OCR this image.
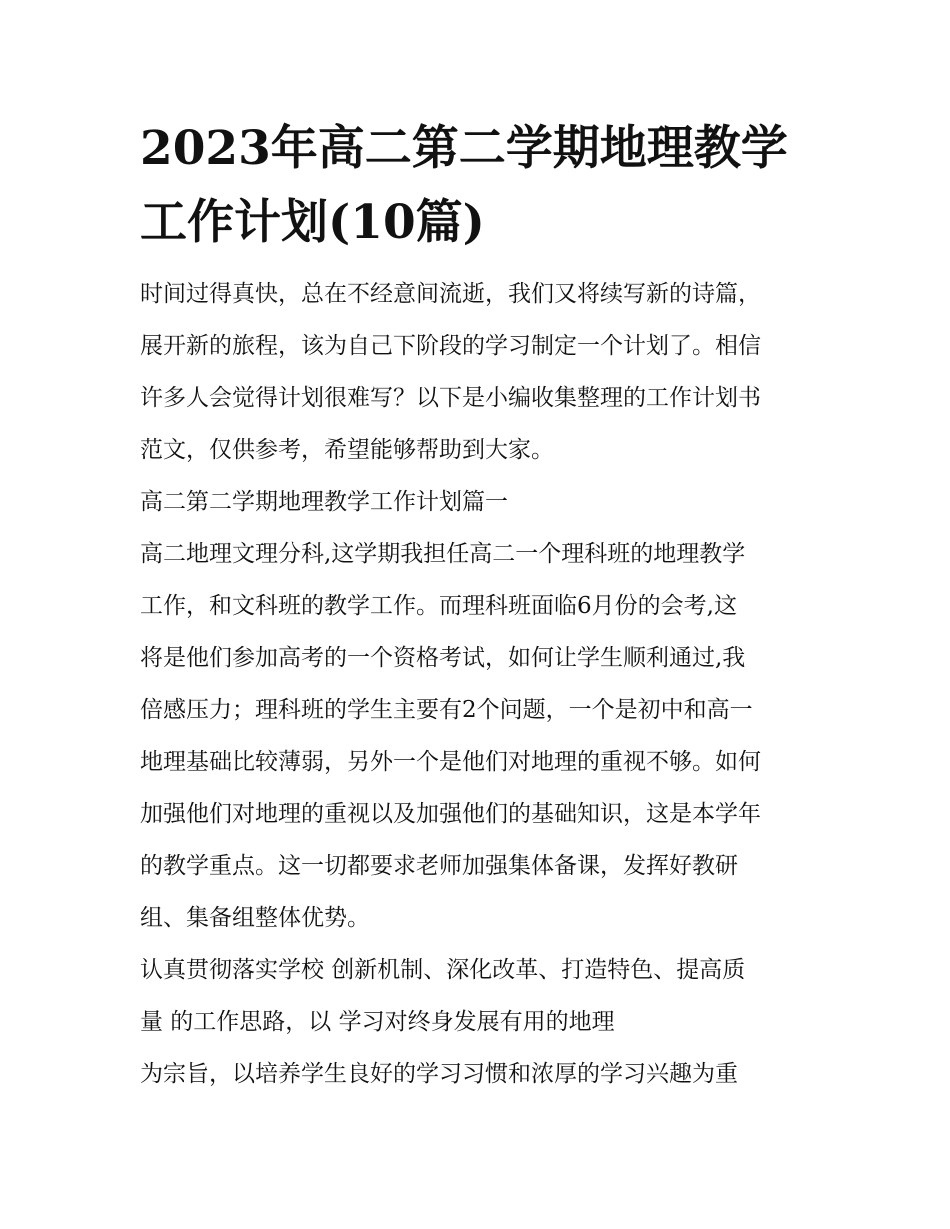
2023年高二第二学期地理教学
工作计划(10篇)
时间过得真快，总在不经意间流逝，我们又将续写新的诗篇，
展开新的旅程，该为自己下阶段的学习制定一个计划了。相信
许多人会觉得计划很难写？以下是小编收集整理的工作计划书
范文，仅供参考，希望能够帮助到大家。
高二第二学期地理教学工作计划篇一
高二地理文理分科,这学期我担任高二一个理科班的地理教学
工作，和文科班的教学工作。而理科班面临6月份的会考,这
将是他们参加高考的一个资格考试，如何让学生顺利通过,我
倍感压力；理科班的学生主要有2个问题，一个是初中和高一
地理基础比较薄弱，另外一个是他们对地理的重视不够。如何
加强他们对地理的重视以及加强他们的基础知识，这是本学年
的教学重点。这一切都要求老师加强集体备课，发挥好教研
组、集备组整体优势。
认真贯彻落实学校 创新机制、深化改革、打造特色、提高质
量 的工作思路，以 学习对终身发展有用的地理
为宗旨，以培养学生良好的学习习惯和浓厚的学习兴趣为重
